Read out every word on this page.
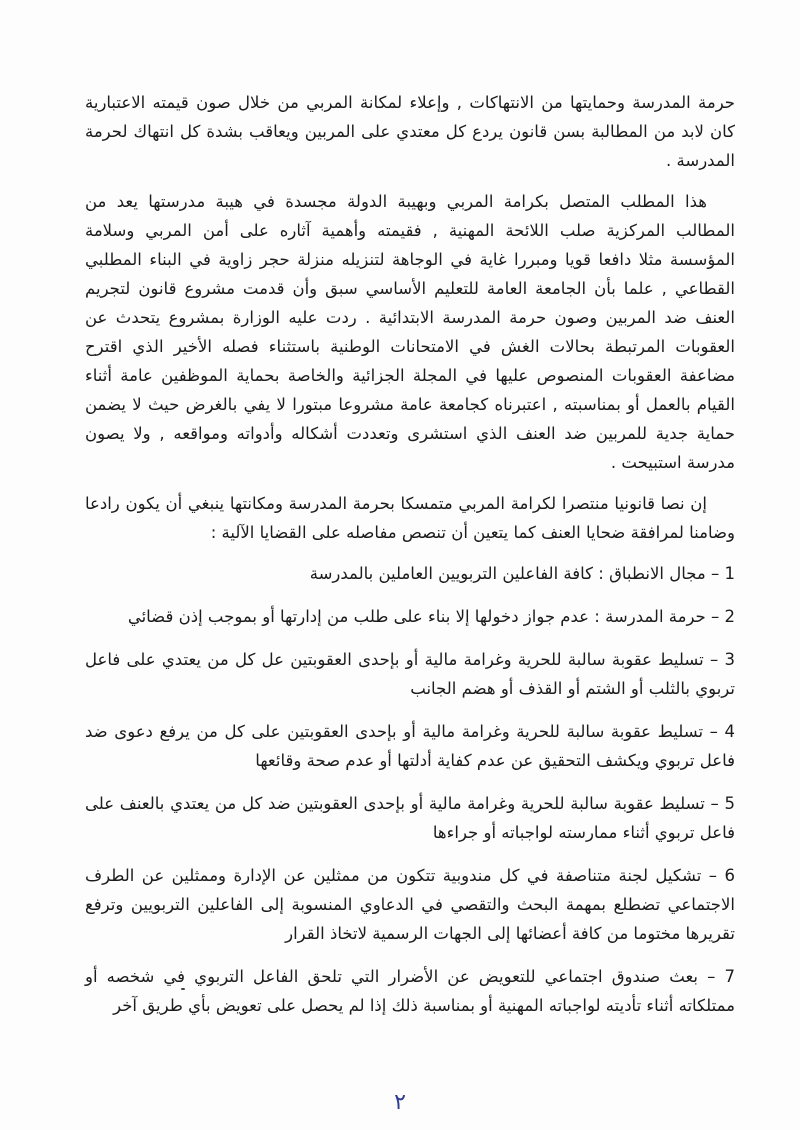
حرمة المدرسة وحمايتها من الانتهاكات , وإعلاء لمكانة المربي من خلال صون قيمته الاعتبارية كان لابد من المطالبة بسن قانون يردع كل معتدي على المربين ويعاقب بشدة كل انتهاك لحرمة المدرسة .

هذا المطلب المتصل بكرامة المربي وبهيبة الدولة مجسدة في هيبة مدرستها يعد من المطالب المركزية صلب اللائحة المهنية , فقيمته وأهمية آثاره على أمن المربي وسلامة المؤسسة مثلا دافعا قويا ومبررا غاية في الوجاهة لتنزيله منزلة حجر زاوية في البناء المطلبي القطاعي , علما بأن الجامعة العامة للتعليم الأساسي سبق وأن قدمت مشروع قانون لتجريم العنف ضد المربين وصون حرمة المدرسة الابتدائية . ردت عليه الوزارة بمشروع يتحدث عن العقوبات المرتبطة بحالات الغش في الامتحانات الوطنية باستثناء فصله الأخير الذي اقترح مضاعفة العقوبات المنصوص عليها في المجلة الجزائية والخاصة بحماية الموظفين عامة أثناء القيام بالعمل أو بمناسبته , اعتبرناه كجامعة عامة مشروعا مبتورا لا يفي بالغرض حيث لا يضمن حماية جدية للمربين ضد العنف الذي استشرى وتعددت أشكاله وأدواته ومواقعه , ولا يصون مدرسة استبيحت .

إن نصا قانونيا منتصرا لكرامة المربي متمسكا بحرمة المدرسة ومكانتها ينبغي أن يكون رادعا وضامنا لمرافقة ضحايا العنف كما يتعين أن تنصص مفاصله على القضايا الآلية :

1 – مجال الانطباق : كافة الفاعلين التربويين العاملين بالمدرسة

2 – حرمة المدرسة : عدم جواز دخولها إلا بناء على طلب من إدارتها أو بموجب إذن قضائي

3 – تسليط عقوبة سالبة للحرية وغرامة مالية أو بإحدى العقوبتين عل كل من يعتدي على فاعل تربوي بالثلب أو الشتم أو القذف أو هضم الجانب

4 – تسليط عقوبة سالبة للحرية وغرامة مالية أو بإحدى العقوبتين على كل من يرفع دعوى ضد فاعل تربوي ويكشف التحقيق عن عدم كفاية أدلتها أو عدم صحة وقائعها

5 – تسليط عقوبة سالبة للحرية وغرامة مالية أو بإحدى العقوبتين ضد كل من يعتدي بالعنف على فاعل تربوي أثناء ممارسته لواجباته أو جراءها

6 – تشكيل لجنة متناصفة في كل مندوبية تتكون من ممثلين عن الإدارة وممثلين عن الطرف الاجتماعي تضطلع بمهمة البحث والتقصي في الدعاوي المنسوبة إلى الفاعلين التربويين وترفع تقريرها مختوما من كافة أعضائها إلى الجهات الرسمية لاتخاذ القرار

7 – بعث صندوق اجتماعي للتعويض عن الأضرار التي تلحق الفاعل التربوي في شخصه أو ممتلكاته أثناء تأديته لواجباته المهنية أو بمناسبة ذلك إذا لم يحصل على تعويض بأي طريق آخر

٢
